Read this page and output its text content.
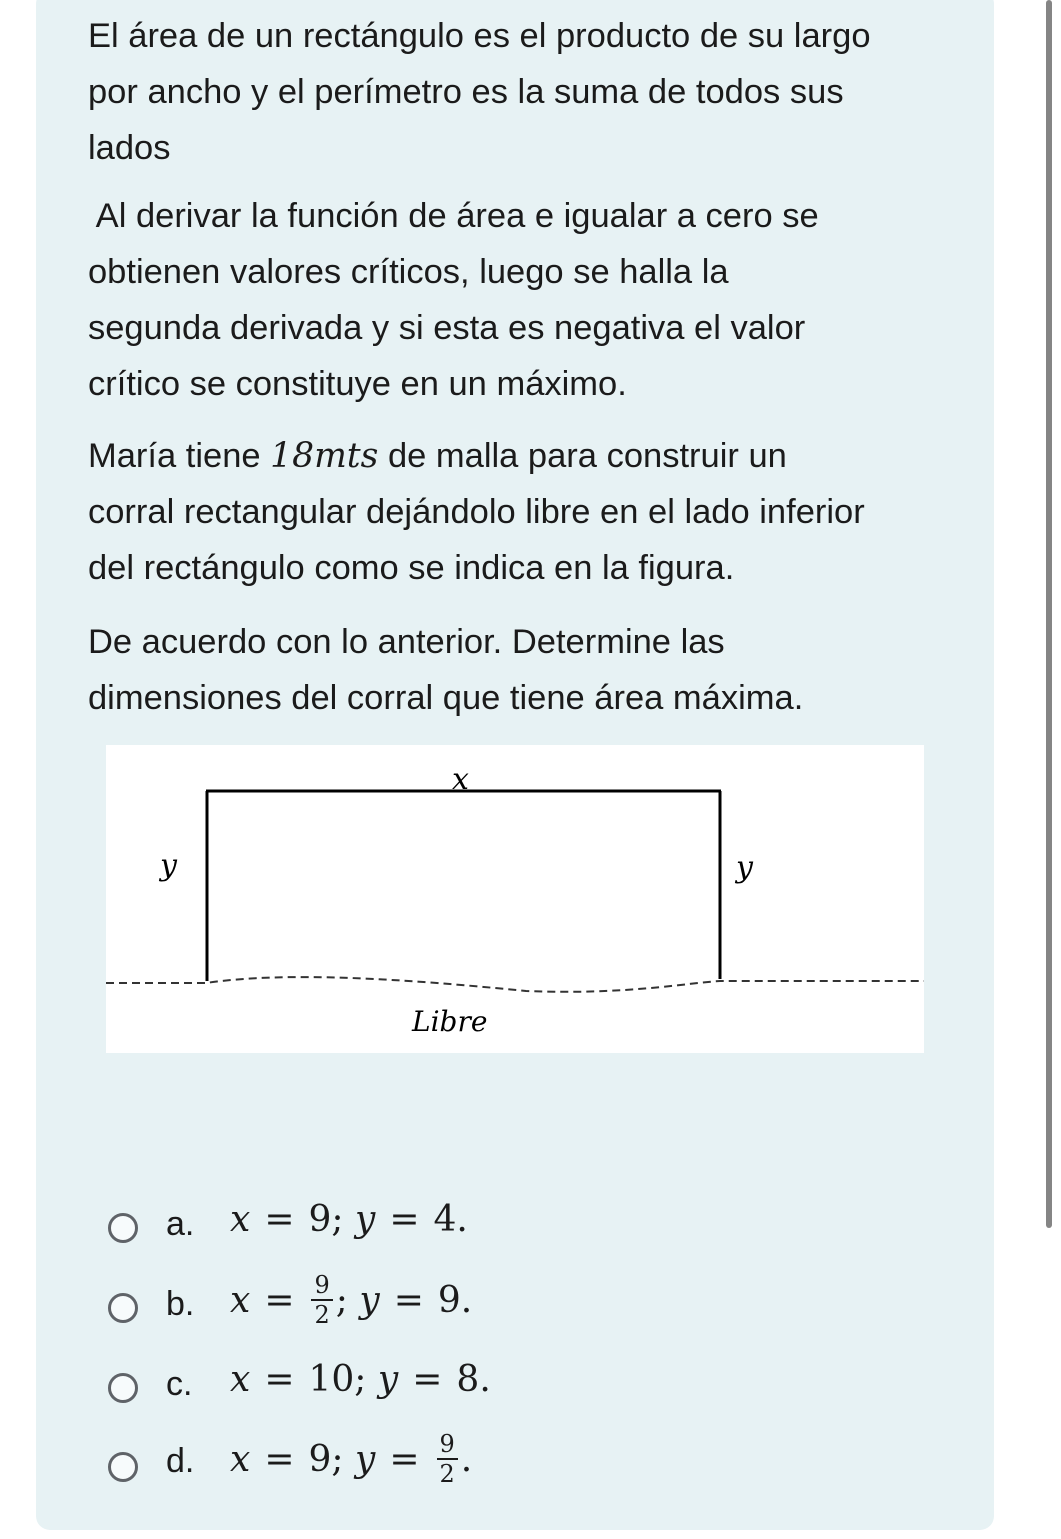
El área de un rectángulo es el producto de su largo
por ancho y el perímetro es la suma de todos sus
lados

Al derivar la función de área e igualar a cero se
obtienen valores críticos, luego se halla la
segunda derivada y si esta es negativa el valor
crítico se constituye en un máximo.

María tiene 18mts de malla para construir un
corral rectangular dejándolo libre en el lado inferior
del rectángulo como se indica en la figura.

De acuerdo con lo anterior. Determine las
dimensiones del corral que tiene área máxima.

x
y	y
Libre
a. x = 9 ;
y = 4 .
b. $x = \frac{9}{2}$ ;
y = 9 .
c. x = 10 ;
y = 8 .
d. x = 9 ;
$y = \frac{9}{2}$ .
